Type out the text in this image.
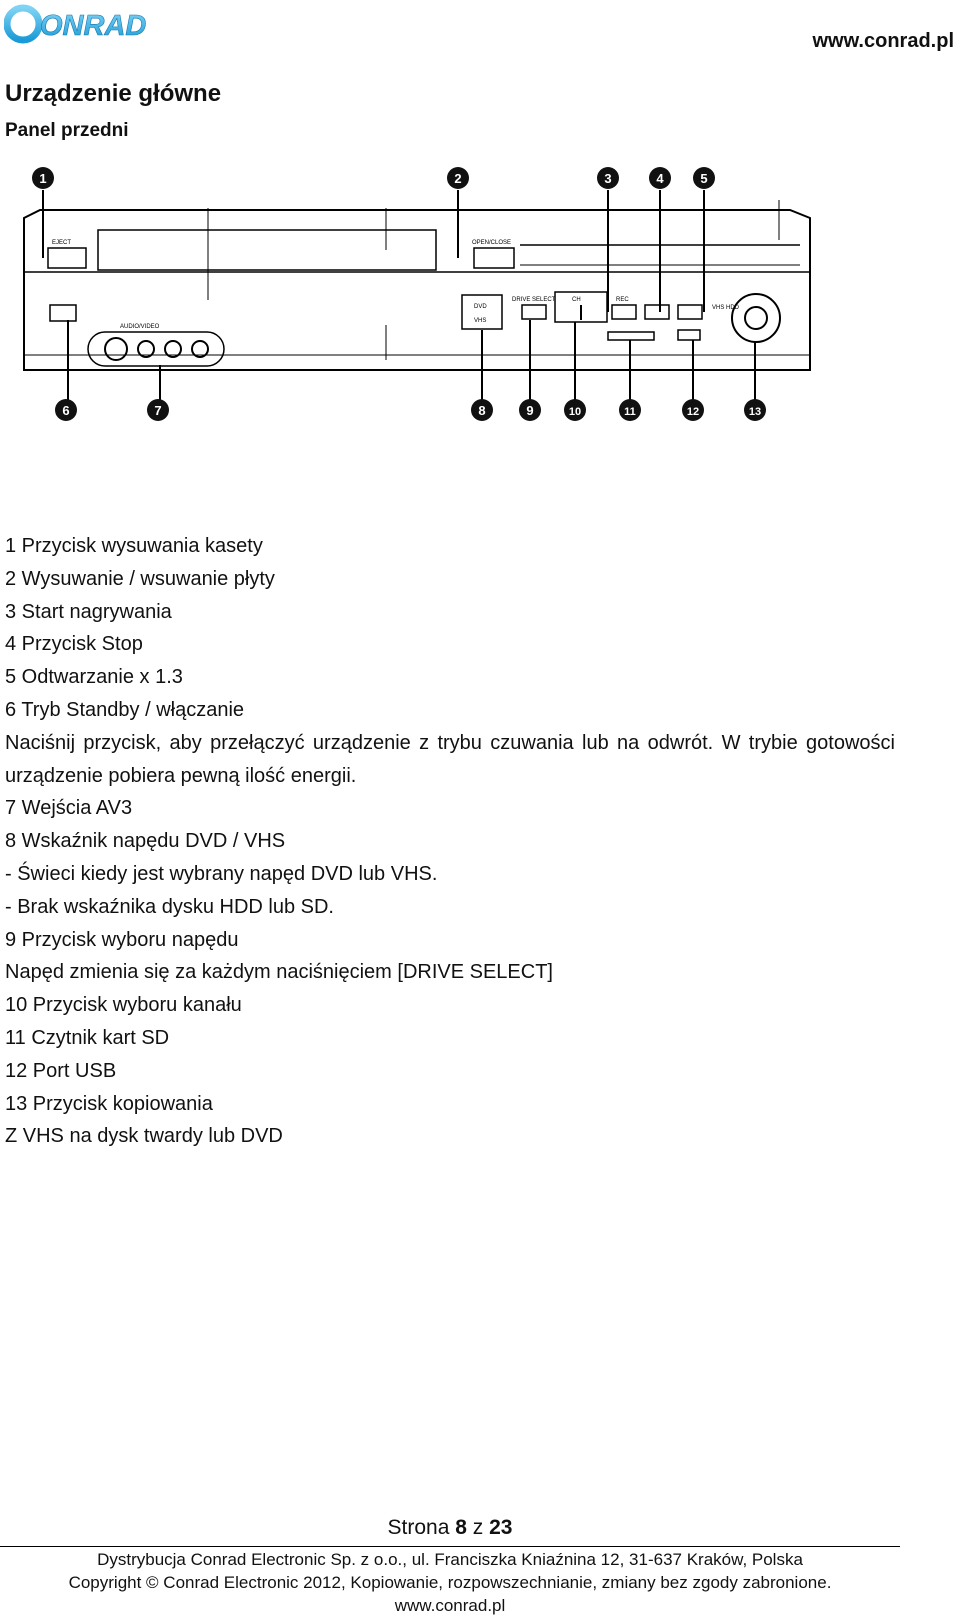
ONRAD	www.conrad.pl
Urządzenie główne
Panel przedni
EJECT	OPEN/CLOSE
DVD
VHS
DRIVE SELECT	CH	REC
VHS HDD
AUDIO/VIDEO
1	2	3	4	5
6	7	8	9	10	11	12	13

1 Przycisk wysuwania kasety

2 Wysuwanie / wsuwanie płyty

3 Start nagrywania

4 Przycisk Stop

5 Odtwarzanie x 1.3

6 Tryb Standby / włączanie

Naciśnij przycisk, aby przełączyć urządzenie z trybu czuwania lub na odwrót. W trybie gotowości urządzenie pobiera pewną ilość energii.

7 Wejścia AV3

8 Wskaźnik napędu DVD / VHS

- Świeci kiedy jest wybrany napęd DVD lub VHS.

- Brak wskaźnika dysku HDD lub SD.

9 Przycisk wyboru napędu

Napęd zmienia się za każdym naciśnięciem [DRIVE SELECT]

10 Przycisk wyboru kanału

11 Czytnik kart SD

12 Port USB

13 Przycisk kopiowania

Z VHS na dysk twardy lub DVD

Strona 8 z 23
Dystrybucja Conrad Electronic Sp. z o.o., ul. Franciszka Kniaźnina 12, 31-637 Kraków, Polska
Copyright © Conrad Electronic 2012, Kopiowanie, rozpowszechnianie, zmiany bez zgody zabronione.
www.conrad.pl
